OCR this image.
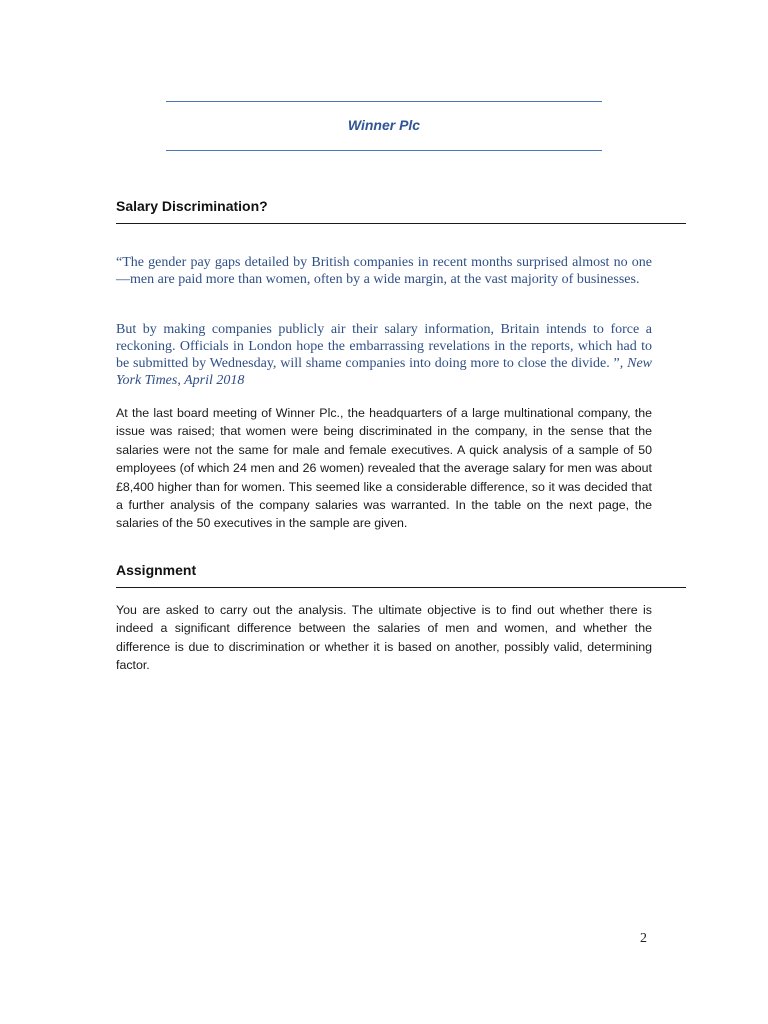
Winner Plc
Salary Discrimination?

“The gender pay gaps detailed by British companies in recent months surprised almost no one —men are paid more than women, often by a wide margin, at the vast majority of businesses.

But by making companies publicly air their salary information, Britain intends to force a reckoning. Officials in London hope the embarrassing revelations in the reports, which had to be submitted by Wednesday, will shame companies into doing more to close the divide. ”, New York Times, April 2018

At the last board meeting of Winner Plc., the headquarters of a large multinational company, the issue was raised; that women were being discriminated in the company, in the sense that the salaries were not the same for male and female executives. A quick analysis of a sample of 50 employees (of which 24 men and 26 women) revealed that the average salary for men was about £8,400 higher than for women. This seemed like a considerable difference, so it was decided that a further analysis of the company salaries was warranted. In the table on the next page, the salaries of the 50 executives in the sample are given.

Assignment

You are asked to carry out the analysis. The ultimate objective is to find out whether there is indeed a significant difference between the salaries of men and women, and whether the difference is due to discrimination or whether it is based on another, possibly valid, determining factor.

2
